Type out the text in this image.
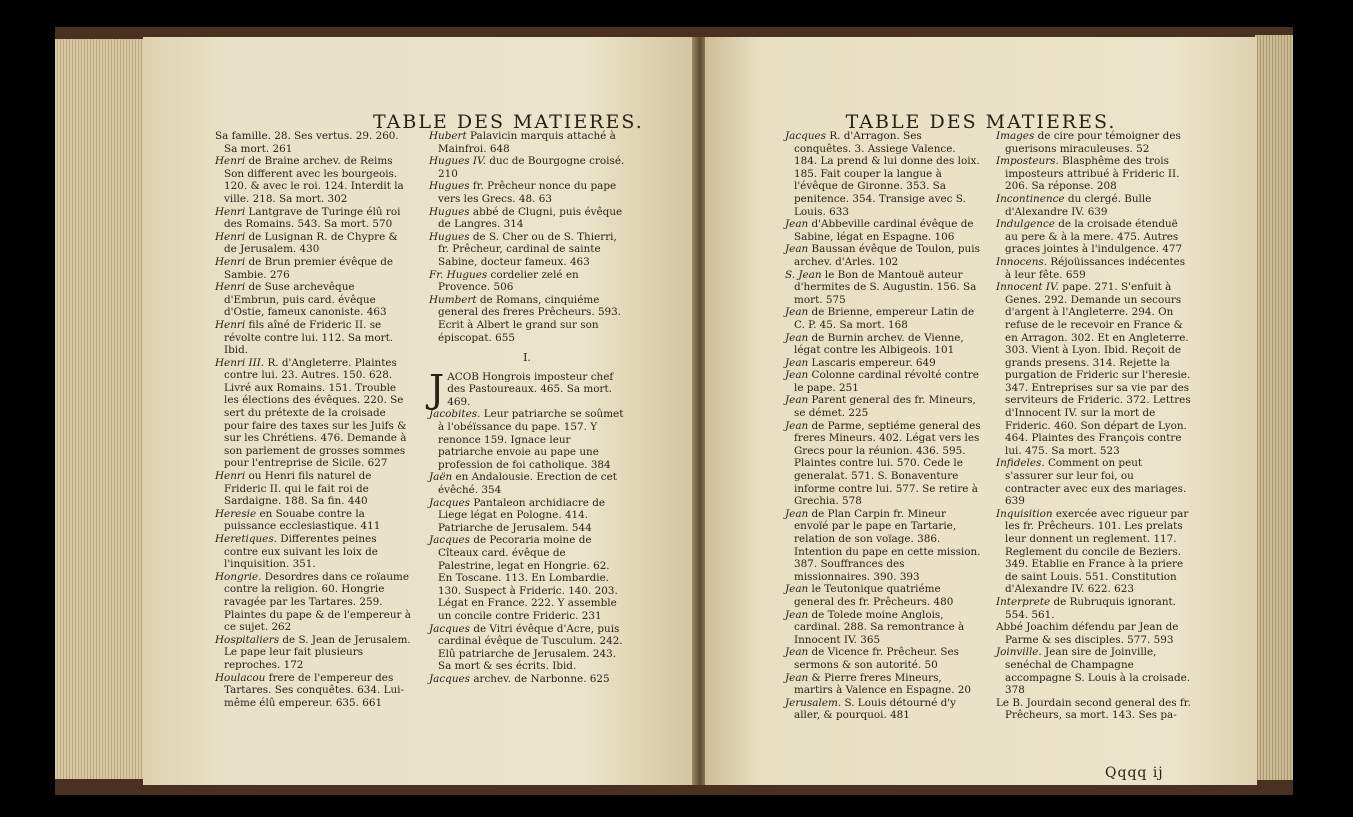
TABLE DES MATIERES.

Sa famille. 28. Ses vertus. 29. 260. Sa mort. 261

Henri de Braine archev. de Reims Son different avec les bourgeois. 120. & avec le roi. 124. Interdit la ville. 218. Sa mort. 302

Henri Lantgrave de Turinge élû roi des Romains. 543. Sa mort. 570

Henri de Lusignan R. de Chypre & de Jerusalem. 430

Henri de Brun premier évêque de Sambie. 276

Henri de Suse archevêque d'Embrun, puis card. évêque d'Ostie, fameux canoniste. 463

Henri fils aîné de Frideric II. se révolte contre lui. 112. Sa mort. Ibid.

Henri III. R. d'Angleterre. Plaintes contre lui. 23. Autres. 150. 628. Livré aux Romains. 151. Trouble les élections des évêques. 220. Se sert du prétexte de la croisade pour faire des taxes sur les Juifs & sur les Chrétiens. 476. Demande à son parlement de grosses sommes pour l'entreprise de Sicile. 627

Henri ou Henri fils naturel de Frideric II. qui le fait roi de Sardaigne. 188. Sa fin. 440

Heresie en Souabe contre la puissance ecclesiastique. 411

Heretiques. Differentes peines contre eux suivant les loix de l'inquisition. 351.

Hongrie. Desordres dans ce roïaume contre la religion. 60. Hongrie ravagée par les Tartares. 259. Plaintes du pape & de l'empereur à ce sujet. 262

Hospitaliers de S. Jean de Jerusalem. Le pape leur fait plusieurs reproches. 172

Houlacou frere de l'empereur des Tartares. Ses conquêtes. 634. Lui-même élû empereur. 635. 661

Hubert Palavicin marquis attaché à Mainfroi. 648

Hugues IV. duc de Bourgogne croisé. 210

Hugues fr. Prêcheur nonce du pape vers les Grecs. 48. 63

Hugues abbé de Clugni, puis évêque de Langres. 314

Hugues de S. Cher ou de S. Thierri, fr. Prêcheur, cardinal de sainte Sabine, docteur fameux. 463

Fr. Hugues cordelier zelé en Provence. 506

Humbert de Romans, cinquiéme general des freres Prêcheurs. 593. Ecrit à Albert le grand sur son épiscopat. 655

I.

JACOB Hongrois imposteur chef des Pastoureaux. 465. Sa mort. 469.

Jacobites. Leur patriarche se soûmet à l'obéïssance du pape. 157. Y renonce 159. Ignace leur patriarche envoie au pape une profession de foi catholique. 384

Jaën en Andalousie. Erection de cet évêché. 354

Jacques Pantaleon archidiacre de Liege légat en Pologne. 414. Patriarche de Jerusalem. 544

Jacques de Pecoraria moine de Cîteaux card. évêque de Palestrine, legat en Hongrie. 62. En Toscane. 113. En Lombardie. 130. Suspect à Frideric. 140. 203. Légat en France. 222. Y assemble un concile contre Frideric. 231

Jacques de Vitri évêque d'Acre, puis cardinal évêque de Tusculum. 242. Elû patriarche de Jerusalem. 243. Sa mort & ses écrits. Ibid.

Jacques archev. de Narbonne. 625

TABLE DES MATIERES.

Jacques R. d'Arragon. Ses conquêtes. 3. Assiege Valence. 184. La prend & lui donne des loix. 185. Fait couper la langue à l'évêque de Gironne. 353. Sa penitence. 354. Transige avec S. Louis. 633

Jean d'Abbeville cardinal évêque de Sabine, légat en Espagne. 106

Jean Baussan évêque de Toulon, puis archev. d'Arles. 102

S. Jean le Bon de Mantouë auteur d'hermites de S. Augustin. 156. Sa mort. 575

Jean de Brienne, empereur Latin de C. P. 45. Sa mort. 168

Jean de Burnin archev. de Vienne, légat contre les Albigeois. 101

Jean Lascaris empereur. 649

Jean Colonne cardinal révolté contre le pape. 251

Jean Parent general des fr. Mineurs, se démet. 225

Jean de Parme, septiéme general des freres Mineurs. 402. Légat vers les Grecs pour la réunion. 436. 595. Plaintes contre lui. 570. Cede le generalat. 571. S. Bonaventure informe contre lui. 577. Se retire à Grechia. 578

Jean de Plan Carpin fr. Mineur envoïé par le pape en Tartarie, relation de son voïage. 386. Intention du pape en cette mission. 387. Souffrances des missionnaires. 390. 393

Jean le Teutonique quatriéme general des fr. Prêcheurs. 480

Jean de Tolede moine Anglois, cardinal. 288. Sa remontrance à Innocent IV. 365

Jean de Vicence fr. Prêcheur. Ses sermons & son autorité. 50

Jean & Pierre freres Mineurs, martirs à Valence en Espagne. 20

Jerusalem. S. Louis détourné d'y aller, & pourquoi. 481

Images de cire pour témoigner des guerisons miraculeuses. 52

Imposteurs. Blasphême des trois imposteurs attribué à Frideric II. 206. Sa réponse. 208

Incontinence du clergé. Bulle d'Alexandre IV. 639

Indulgence de la croisade étenduë au pere & à la mere. 475. Autres graces jointes à l'indulgence. 477

Innocens. Réjoüissances indécentes à leur fête. 659

Innocent IV. pape. 271. S'enfuit à Genes. 292. Demande un secours d'argent à l'Angleterre. 294. On refuse de le recevoir en France & en Arragon. 302. Et en Angleterre. 303. Vient à Lyon. Ibid. Reçoit de grands presens. 314. Rejette la purgation de Frideric sur l'heresie. 347. Entreprises sur sa vie par des serviteurs de Frideric. 372. Lettres d'Innocent IV. sur la mort de Frideric. 460. Son départ de Lyon. 464. Plaintes des François contre lui. 475. Sa mort. 523

Infideles. Comment on peut s'assurer sur leur foi, ou contracter avec eux des mariages. 639

Inquisition exercée avec rigueur par les fr. Prêcheurs. 101. Les prelats leur donnent un reglement. 117. Reglement du concile de Beziers. 349. Etablie en France à la priere de saint Louis. 551. Constitution d'Alexandre IV. 622. 623

Interprete de Rubruquis ignorant. 554. 561.

Abbé Joachim défendu par Jean de Parme & ses disciples. 577. 593

Joinville. Jean sire de Joinville, senéchal de Champagne accompagne S. Louis à la croisade. 378

Le B. Jourdain second general des fr. Prêcheurs, sa mort. 143. Ses pa-

Qqqq ij
